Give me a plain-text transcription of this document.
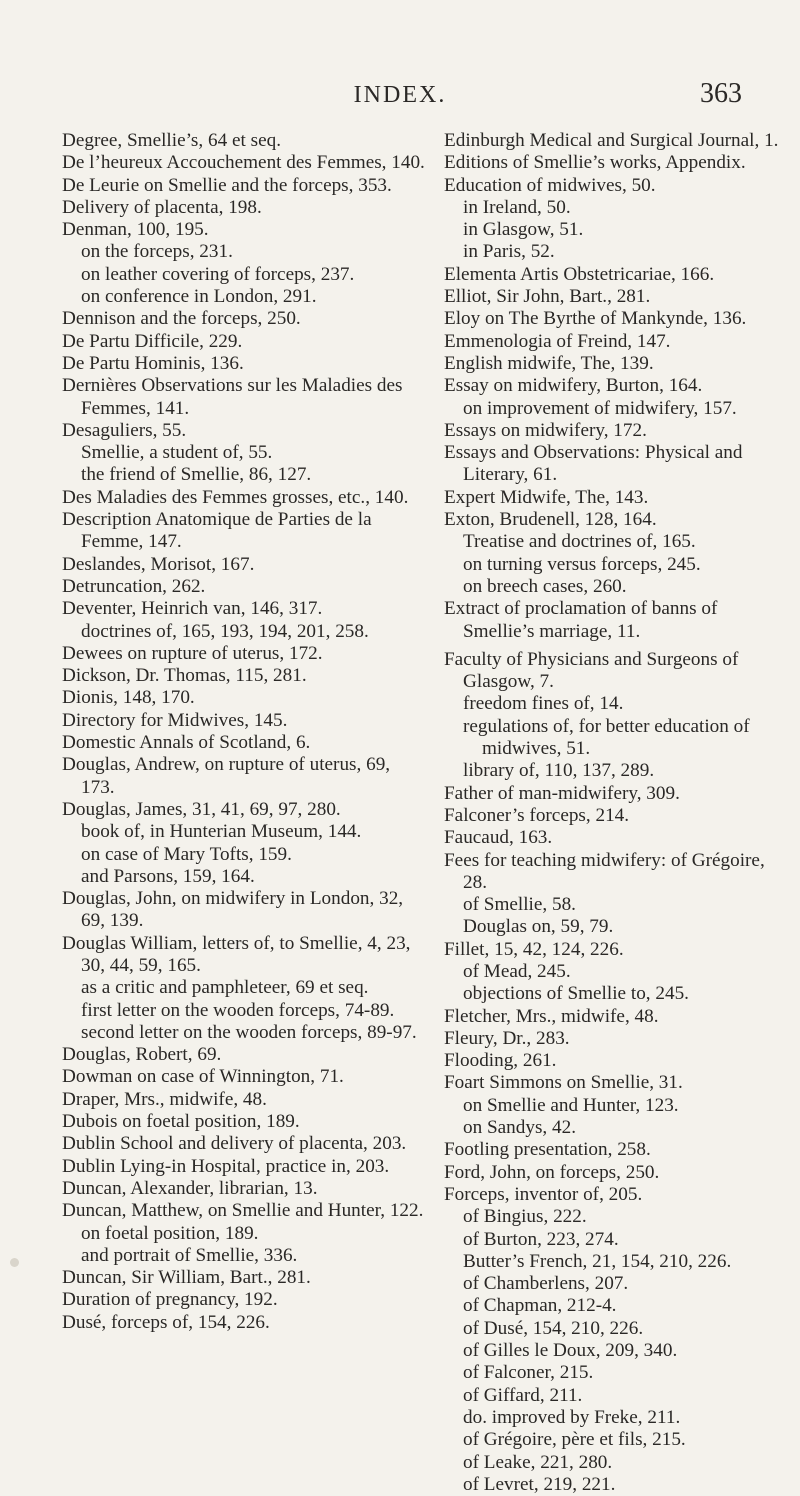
INDEX.	363

Degree, Smellie’s, 64 et seq.

De l’heureux Accouchement des Femmes, 140.

De Leurie on Smellie and the forceps, 353.

Delivery of placenta, 198.

Denman, 100, 195.

on the forceps, 231.

on leather covering of forceps, 237.

on conference in London, 291.

Dennison and the forceps, 250.

De Partu Difficile, 229.

De Partu Hominis, 136.

Dernières Observations sur les Maladies des Femmes, 141.

Desaguliers, 55.

Smellie, a student of, 55.

the friend of Smellie, 86, 127.

Des Maladies des Femmes grosses, etc., 140.

Description Anatomique de Parties de la Femme, 147.

Deslandes, Morisot, 167.

Detruncation, 262.

Deventer, Heinrich van, 146, 317.

doctrines of, 165, 193, 194, 201, 258.

Dewees on rupture of uterus, 172.

Dickson, Dr. Thomas, 115, 281.

Dionis, 148, 170.

Directory for Midwives, 145.

Domestic Annals of Scotland, 6.

Douglas, Andrew, on rupture of uterus, 69, 173.

Douglas, James, 31, 41, 69, 97, 280.

book of, in Hunterian Museum, 144.

on case of Mary Tofts, 159.

and Parsons, 159, 164.

Douglas, John, on midwifery in London, 32, 69, 139.

Douglas William, letters of, to Smellie, 4, 23, 30, 44, 59, 165.

as a critic and pamphleteer, 69 et seq.

first letter on the wooden forceps, 74-89.

second letter on the wooden forceps, 89-97.

Douglas, Robert, 69.

Dowman on case of Winnington, 71.

Draper, Mrs., midwife, 48.

Dubois on foetal position, 189.

Dublin School and delivery of placenta, 203.

Dublin Lying-in Hospital, practice in, 203.

Duncan, Alexander, librarian, 13.

Duncan, Matthew, on Smellie and Hunter, 122.

on foetal position, 189.

and portrait of Smellie, 336.

Duncan, Sir William, Bart., 281.

Duration of pregnancy, 192.

Dusé, forceps of, 154, 226.

Edinburgh Medical and Surgical Journal, 1.

Editions of Smellie’s works, Appendix.

Education of midwives, 50.

in Ireland, 50.

in Glasgow, 51.

in Paris, 52.

Elementa Artis Obstetricariae, 166.

Elliot, Sir John, Bart., 281.

Eloy on The Byrthe of Mankynde, 136.

Emmenologia of Freind, 147.

English midwife, The, 139.

Essay on midwifery, Burton, 164.

on improvement of midwifery, 157.

Essays on midwifery, 172.

Essays and Observations: Physical and Literary, 61.

Expert Midwife, The, 143.

Exton, Brudenell, 128, 164.

Treatise and doctrines of, 165.

on turning versus forceps, 245.

on breech cases, 260.

Extract of proclamation of banns of Smellie’s marriage, 11.

Faculty of Physicians and Surgeons of Glasgow, 7.

freedom fines of, 14.

regulations of, for better education of midwives, 51.

library of, 110, 137, 289.

Father of man-midwifery, 309.

Falconer’s forceps, 214.

Faucaud, 163.

Fees for teaching midwifery: of Grégoire, 28.

of Smellie, 58.

Douglas on, 59, 79.

Fillet, 15, 42, 124, 226.

of Mead, 245.

objections of Smellie to, 245.

Fletcher, Mrs., midwife, 48.

Fleury, Dr., 283.

Flooding, 261.

Foart Simmons on Smellie, 31.

on Smellie and Hunter, 123.

on Sandys, 42.

Footling presentation, 258.

Ford, John, on forceps, 250.

Forceps, inventor of, 205.

of Bingius, 222.

of Burton, 223, 274.

Butter’s French, 21, 154, 210, 226.

of Chamberlens, 207.

of Chapman, 212-4.

of Dusé, 154, 210, 226.

of Gilles le Doux, 209, 340.

of Falconer, 215.

of Giffard, 211.

do. improved by Freke, 211.

of Grégoire, père et fils, 215.

of Leake, 221, 280.

of Levret, 219, 221.
